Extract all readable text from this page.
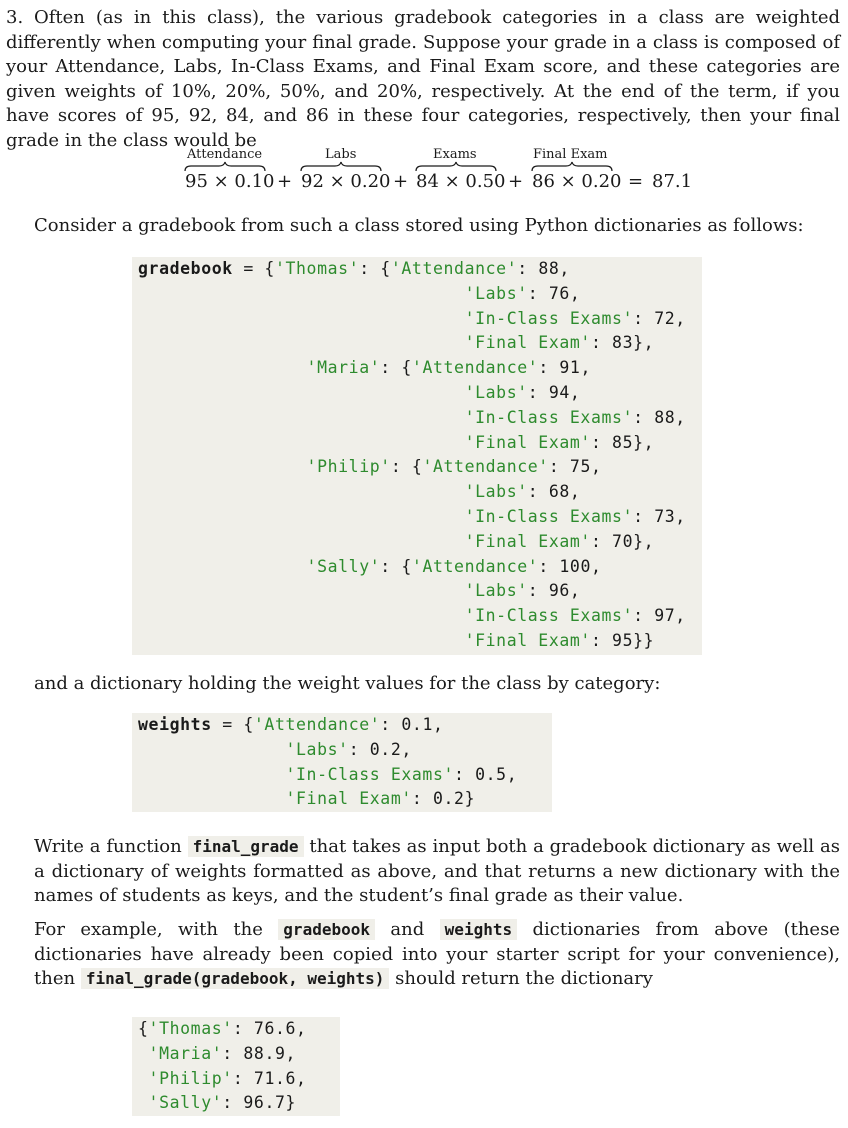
3. Often (as in this class), the various gradebook categories in a class are weighted differently when computing your final grade. Suppose your grade in a class is composed of your Attendance, Labs, In-Class Exams, and Final Exam score, and these categories are given weights of 10%, 20%, 50%, and 20%, respectively. At the end of the term, if you have scores of 95, 92, 84, and 86 in these four categories, respectively, then your final grade in the class would be

Attendance	Labs	Exams	Final Exam
95 × 0.10 + 92 × 0.20 + 84 × 0.50 + 86 × 0.20 = 87.1

Consider a gradebook from such a class stored using Python dictionaries as follows:

gradebook = {'Thomas': {'Attendance': 88,
'Labs': 76,
'In-Class Exams': 72,
'Final Exam': 83},
'Maria': {'Attendance': 91,
'Labs': 94,
'In-Class Exams': 88,
'Final Exam': 85},
'Philip': {'Attendance': 75,
'Labs': 68,
'In-Class Exams': 73,
'Final Exam': 70},
'Sally': {'Attendance': 100,
'Labs': 96,
'In-Class Exams': 97,
'Final Exam': 95}}

and a dictionary holding the weight values for the class by category:

weights = {'Attendance': 0.1,
'Labs': 0.2,
'In-Class Exams': 0.5,
'Final Exam': 0.2}

Write a function final_grade that takes as input both a gradebook dictionary as well as a dictionary of weights formatted as above, and that returns a new dictionary with the names of students as keys, and the student’s final grade as their value.

For example, with the gradebook and weights dictionaries from above (these dictionaries have already been copied into your starter script for your convenience), then final_grade(gradebook, weights) should return the dictionary

{'Thomas': 76.6,
'Maria': 88.9,
'Philip': 71.6,
'Sally': 96.7}
